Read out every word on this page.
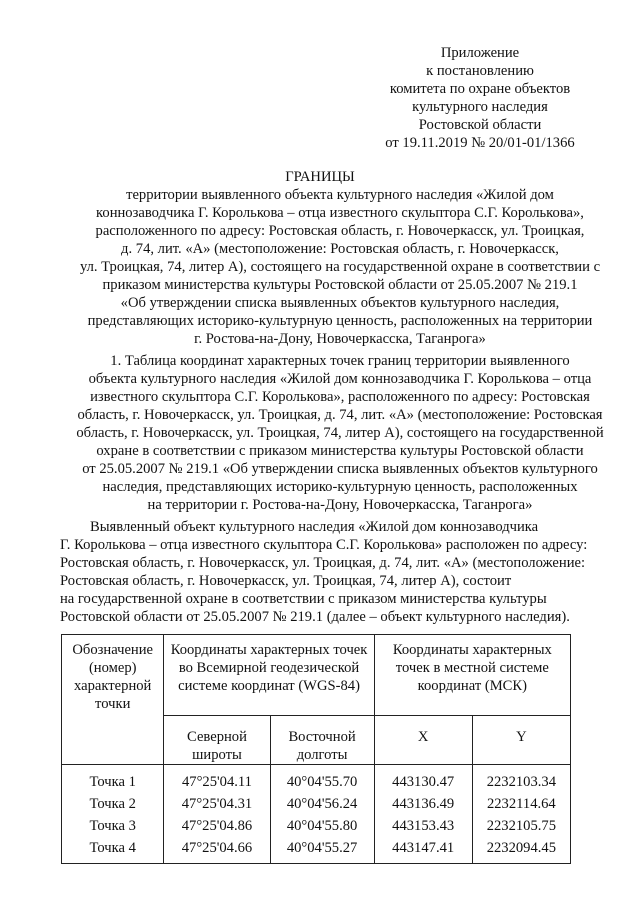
Приложение
к постановлению
комитета по охране объектов
культурного наследия
Ростовской области
от 19.11.2019 № 20/01-01/1366
ГРАНИЦЫ
территории выявленного объекта культурного наследия «Жилой дом
коннозаводчика Г. Королькова – отца известного скульптора С.Г. Королькова»,
расположенного по адресу: Ростовская область, г. Новочеркасск, ул. Троицкая,
д. 74, лит. «А» (местоположение: Ростовская область, г. Новочеркасск,
ул. Троицкая, 74, литер А), состоящего на государственной охране в соответствии с
приказом министерства культуры Ростовской области от 25.05.2007 № 219.1
«Об утверждении списка выявленных объектов культурного наследия,
представляющих историко-культурную ценность, расположенных на территории
г. Ростова-на-Дону, Новочеркасска, Таганрога»
1. Таблица координат характерных точек границ территории выявленного
объекта культурного наследия «Жилой дом коннозаводчика Г. Королькова – отца
известного скульптора С.Г. Королькова», расположенного по адресу: Ростовская
область, г. Новочеркасск, ул. Троицкая, д. 74, лит. «А» (местоположение: Ростовская
область, г. Новочеркасск, ул. Троицкая, 74, литер А), состоящего на государственной
охране в соответствии с приказом министерства культуры Ростовской области
от 25.05.2007 № 219.1 «Об утверждении списка выявленных объектов культурного
наследия, представляющих историко-культурную ценность, расположенных
на территории г. Ростова-на-Дону, Новочеркасска, Таганрога»
Выявленный объект культурного наследия «Жилой дом коннозаводчика
Г. Королькова – отца известного скульптора С.Г. Королькова» расположен по адресу:
Ростовская область, г. Новочеркасск, ул. Троицкая, д. 74, лит. «А» (местоположение:
Ростовская область, г. Новочеркасск, ул. Троицкая, 74, литер А), состоит
на государственной охране в соответствии с приказом министерства культуры
Ростовской области от 25.05.2007 № 219.1 (далее – объект культурного наследия).
Обозначение (номер) характерной точки	Координаты характерных точек во Всемирной геодезической системе координат (WGS-84)		Координаты характерных точек в местной системе координат (МСК)	
	Северной широты	Восточной долготы	X	Y
Точка 1	47°25'04.11	40°04'55.70	443130.47	2232103.34
Точка 2	47°25'04.31	40°04'56.24	443136.49	2232114.64
Точка 3	47°25'04.86	40°04'55.80	443153.43	2232105.75
Точка 4	47°25'04.66	40°04'55.27	443147.41	2232094.45
